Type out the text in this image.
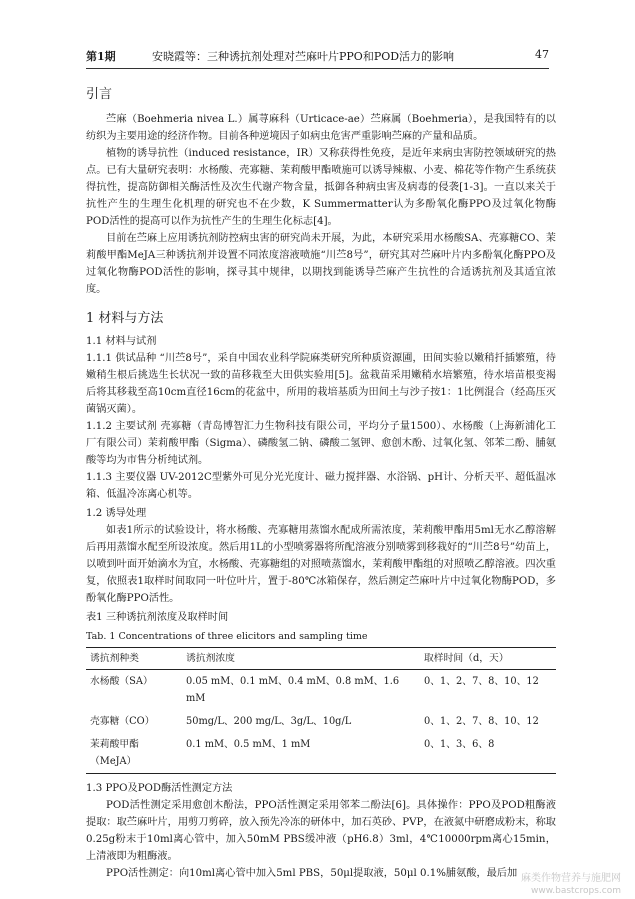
第1期	安晓霞等：三种诱抗剂处理对苎麻叶片PPO和POD活力的影响	47
引言

苎麻（Boehmeria nivea L.）属荨麻科（Urticace-ae）苎麻属（Boehmeria），是我国特有的以纺织为主要用途的经济作物。目前各种逆境因子如病虫危害严重影响苎麻的产量和品质。

植物的诱导抗性（induced resistance，IR）又称获得性免疫，是近年来病虫害防控领域研究的热点。已有大量研究表明：水杨酸、壳寡糖、茉莉酸甲酯喷施可以诱导辣椒、小麦、棉花等作物产生系统获得抗性，提高防御相关酶活性及次生代谢产物含量，抵御各种病虫害及病毒的侵袭[1-3]。一直以来关于抗性产生的生理生化机理的研究也不在少数，K Summermatter认为多酚氧化酶PPO及过氧化物酶POD活性的提高可以作为抗性产生的生理生化标志[4]。

目前在苎麻上应用诱抗剂防控病虫害的研究尚未开展，为此，本研究采用水杨酸SA、壳寡糖CO、茉莉酸甲酯MeJA三种诱抗剂并设置不同浓度溶液喷施“川苎8号”，研究其对苎麻叶片内多酚氧化酶PPO及过氧化物酶POD活性的影响，探寻其中规律，以期找到能诱导苎麻产生抗性的合适诱抗剂及其适宜浓度。

1 材料与方法
1.1 材料与试剂

1.1.1 供试品种 “川苎8号”，采自中国农业科学院麻类研究所种质资源圃，田间实验以嫩稍扦插繁殖，待嫩稍生根后挑选生长状况一致的苗移栽至大田供实验用[5]。盆栽苗采用嫩稍水培繁殖，待水培苗根变褐后将其移栽至高10cm直径16cm的花盆中，所用的栽培基质为田间土与沙子按1：1比例混合（经高压灭菌锅灭菌）。

1.1.2 主要试剂 壳寡糖（青岛博智汇力生物科技有限公司，平均分子量1500）、水杨酸（上海新浦化工厂有限公司）茉莉酸甲酯（Sigma）、磷酸氢二钠、磷酸二氢钾、愈创木酚、过氧化氢、邻苯二酚、脯氨酸等均为市售分析纯试剂。

1.1.3 主要仪器 UV-2012C型紫外可见分光光度计、磁力搅拌器、水浴锅、pH计、分析天平、超低温冰箱、低温冷冻离心机等。

1.2 诱导处理

如表1所示的试验设计，将水杨酸、壳寡糖用蒸馏水配成所需浓度，茉莉酸甲酯用5ml无水乙醇溶解后再用蒸馏水配至所设浓度。然后用1L的小型喷雾器将所配溶液分别喷雾到移栽好的“川苎8号”幼苗上，以喷到叶面开始滴水为宜，水杨酸、壳寡糖组的对照喷蒸馏水，茉莉酸甲酯组的对照喷乙醇溶液。四次重复，依照表1取样时间取同一叶位叶片，置于-80℃冰箱保存，然后测定苎麻叶片中过氧化物酶POD，多酚氧化酶PPO活性。

表1 三种诱抗剂浓度及取样时间
Tab. 1 Concentrations of three elicitors and sampling time
诱抗剂种类	诱抗剂浓度	取样时间（d，天）
水杨酸（SA）	0.05 mM、0.1 mM、0.4 mM、0.8 mM、1.6 mM	0、1、2、7、8、10、12
壳寡糖（CO）	50mg/L、200 mg/L、3g/L、10g/L	0、1、2、7、8、10、12
茉莉酸甲酯（MeJA）	0.1 mM、0.5 mM、1 mM	0、1、3、6、8
1.3 PPO及POD酶活性测定方法

POD活性测定采用愈创木酚法，PPO活性测定采用邻苯二酚法[6]。具体操作：PPO及POD粗酶液提取：取苎麻叶片，用剪刀剪碎，放入预先冷冻的研体中，加石英砂、PVP，在液氮中研磨成粉末，称取0.25g粉末于10ml离心管中，加入50mM PBS缓冲液（pH6.8）3ml，4℃10000rpm离心15min，上清液即为粗酶液。

PPO活性测定：向10ml离心管中加入5ml PBS，50μl提取液，50μl 0.1%脯氨酸，最后加 麻类作物营养与施肥网
www.bastcrops.com
